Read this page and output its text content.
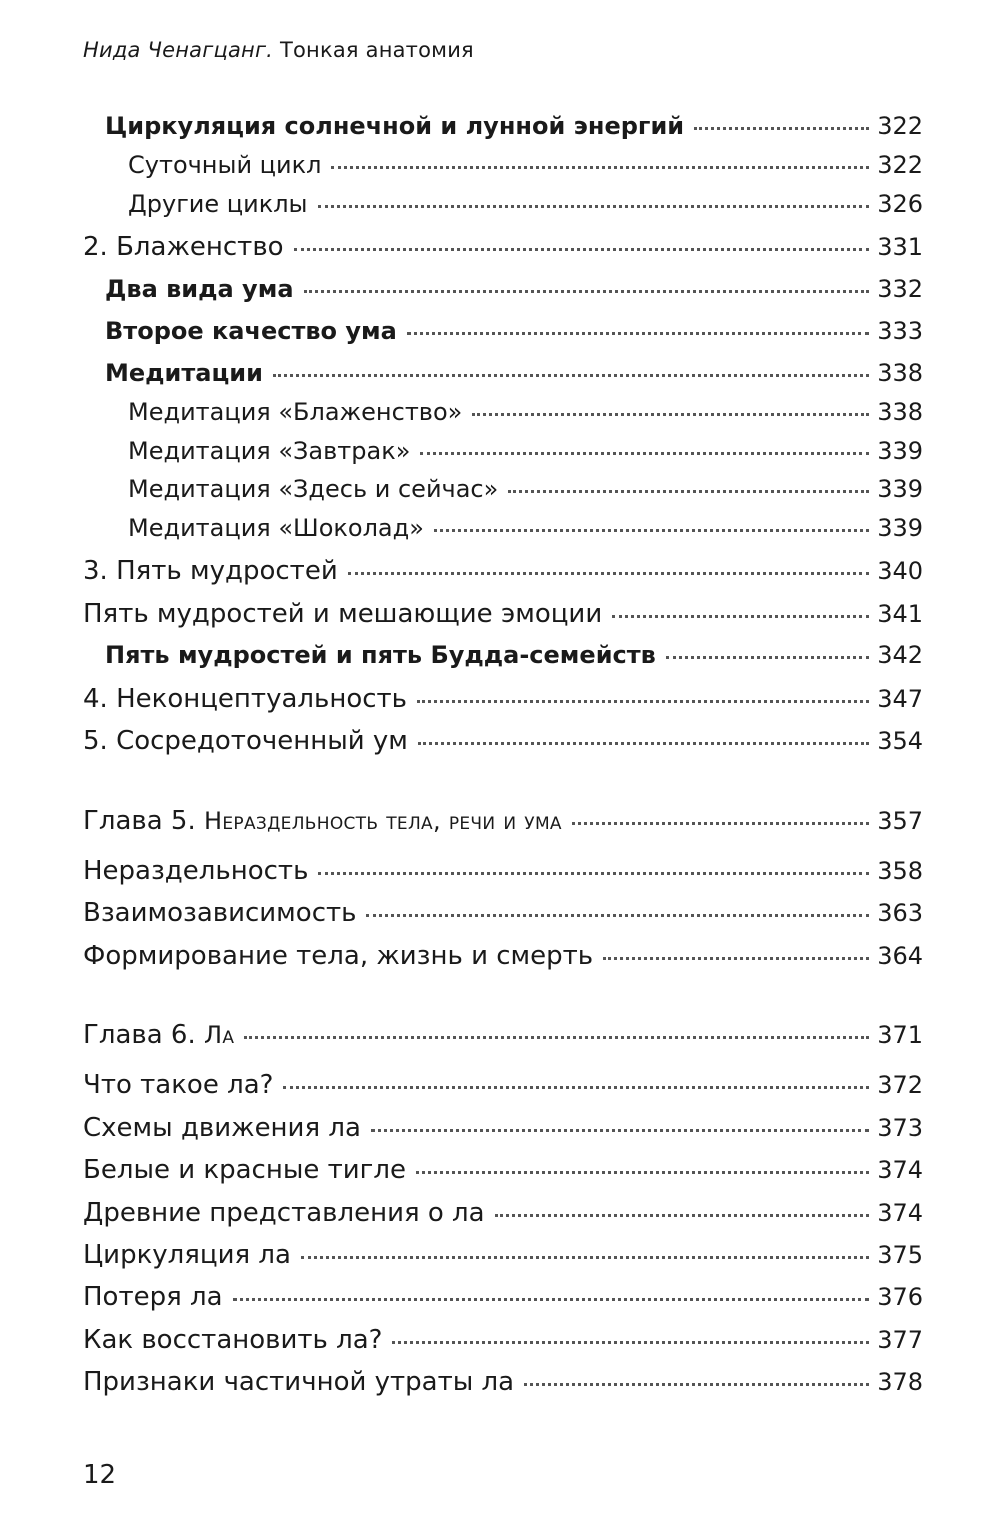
Нида Ченагцанг. Тонкая анатомия
Циркуляция солнечной и лунной энергий	322
Суточный цикл	322
Другие циклы	326
2. Блаженство	331
Два вида ума	332
Второе качество ума	333
Медитации	338
Медитация «Блаженство»	338
Медитация «Завтрак»	339
Медитация «Здесь и сейчас»	339
Медитация «Шоколад»	339
3. Пять мудростей	340
Пять мудростей и мешающие эмоции	341
Пять мудростей и пять Будда-семейств	342
4. Неконцептуальность	347
5. Сосредоточенный ум	354
Глава 5. Нераздельность тела, речи и ума	357
Нераздельность	358
Взаимозависимость	363
Формирование тела, жизнь и смерть	364
Глава 6. Ла	371
Что такое ла?	372
Схемы движения ла	373
Белые и красные тигле	374
Древние представления о ла	374
Циркуляция ла	375
Потеря ла	376
Как восстановить ла?	377
Признаки частичной утраты ла	378
12
